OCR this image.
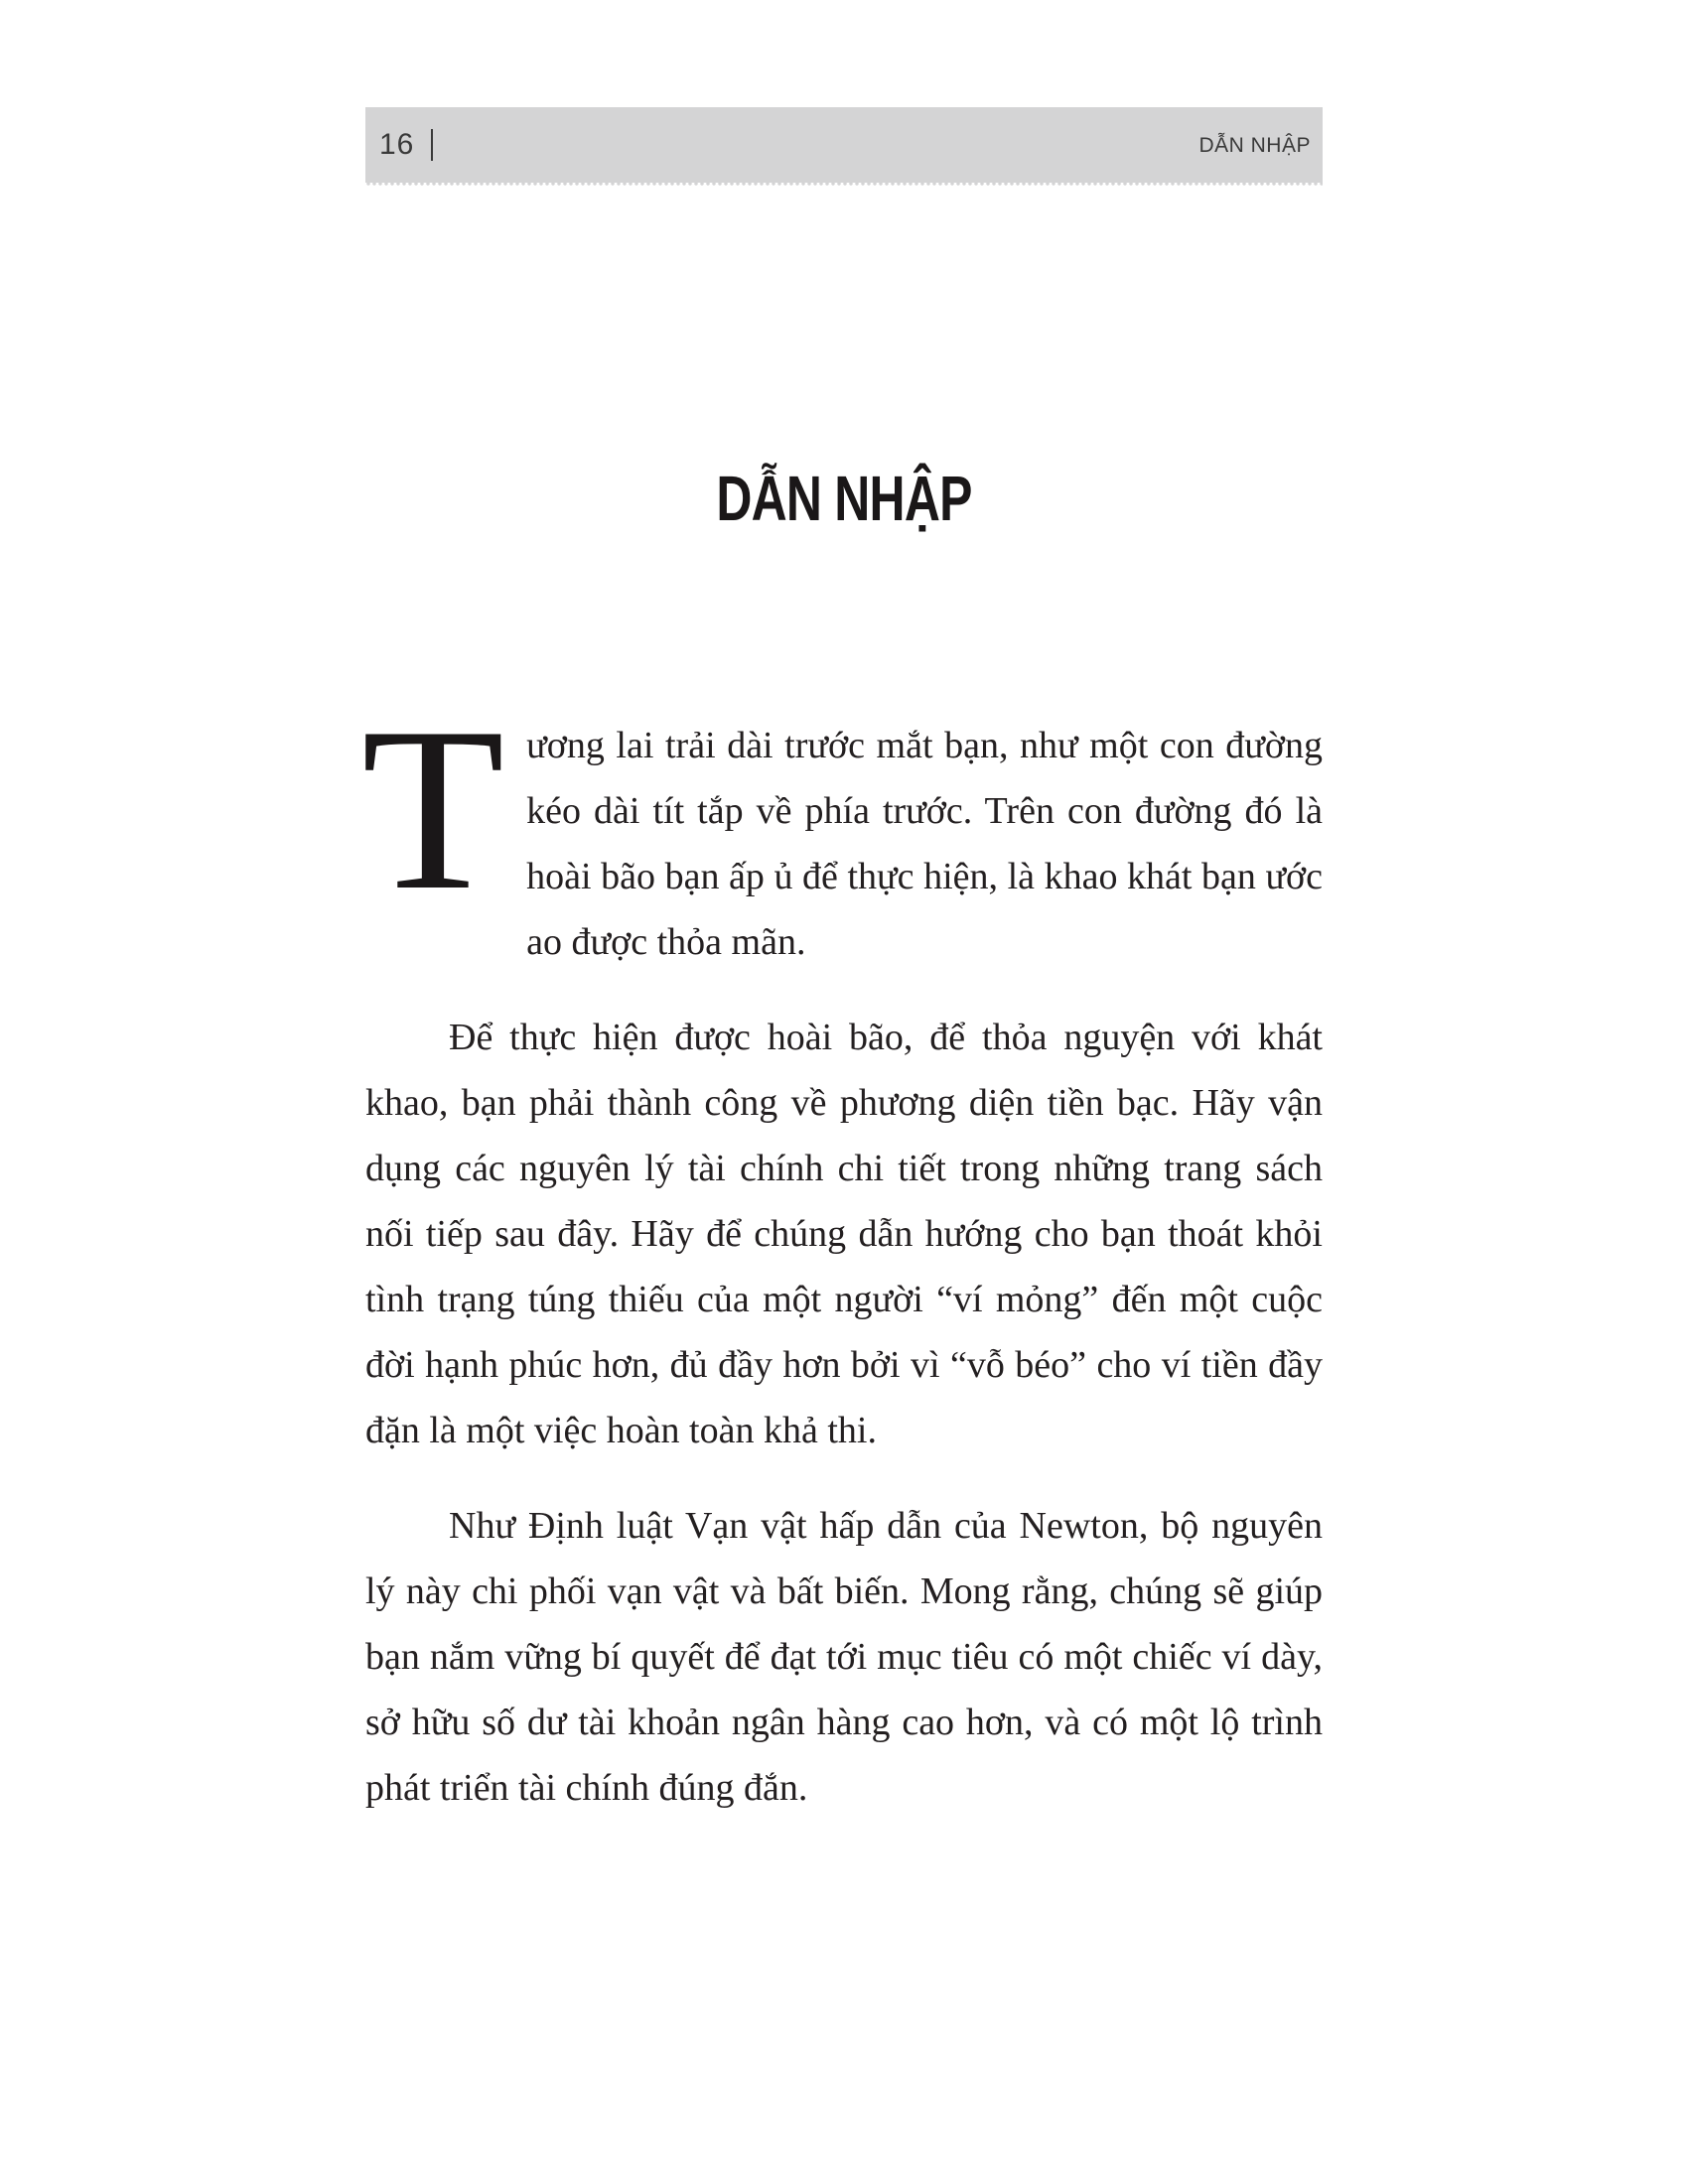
16	DẪN NHẬP
DẪN NHẬP

Tương lai trải dài trước mắt bạn, như một con đường kéo dài tít tắp về phía trước. Trên con đường đó là hoài bão bạn ấp ủ để thực hiện, là khao khát bạn ước ao được thỏa mãn.

Để thực hiện được hoài bão, để thỏa nguyện với khát khao, bạn phải thành công về phương diện tiền bạc. Hãy vận dụng các nguyên lý tài chính chi tiết trong những trang sách nối tiếp sau đây. Hãy để chúng dẫn hướng cho bạn thoát khỏi tình trạng túng thiếu của một người “ví mỏng” đến một cuộc đời hạnh phúc hơn, đủ đầy hơn bởi vì “vỗ béo” cho ví tiền đầy đặn là một việc hoàn toàn khả thi.

Như Định luật Vạn vật hấp dẫn của Newton, bộ nguyên lý này chi phối vạn vật và bất biến. Mong rằng, chúng sẽ giúp bạn nắm vững bí quyết để đạt tới mục tiêu có một chiếc ví dày, sở hữu số dư tài khoản ngân hàng cao hơn, và có một lộ trình phát triển tài chính đúng đắn.
